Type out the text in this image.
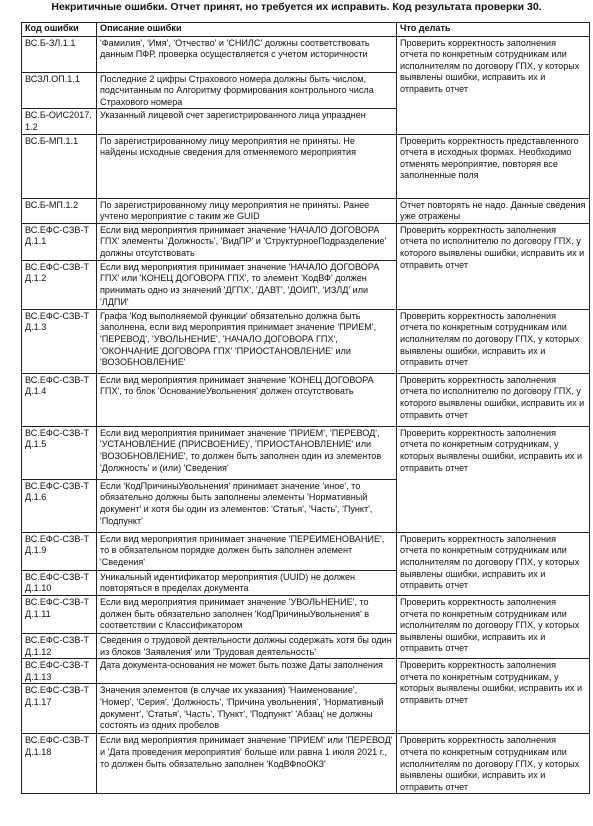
Некритичные ошибки. Отчет принят, но требуется их исправить. Код результата проверки 30.
Код ошибки	Описание ошибки	Что делать
ВС.Б-ЗЛ.1.1	'Фамилия', 'Имя', 'Отчество' и 'СНИЛС' должны соответствовать данным ПФР, проверка осуществляется с учетом историчности	Проверить корректность заполнения отчета по конкретным сотрудникам или исполнителям по договору ГПХ, у которых выявлены ошибки, исправить их и отправить отчет
ВСЗЛ.ОП.1.1	Последние 2 цифры Страхового номера должны быть числом, подсчитанным по Алгоритму формирования контрольного числа Страхового номера	
ВС.Б-ОИС2017.1.2	Указанный лицевой счет зарегистрированного лица упразднен	
ВС.Б-МП.1.1	По зарегистрированному лицу мероприятия не приняты. Не найдены исходные сведения для отменяемого мероприятия	Проверить корректность представленного отчета в исходных формах. Необходимо отменять мероприятие, повторяя все заполненные поля
ВС.Б-МП.1.2	По зарегистрированному лицу мероприятия не приняты. Ранее учтено мероприятие с таким же GUID	Отчет повторять не надо. Данные сведения уже отражены
ВС.ЕФС-СЗВ-ТД.1.1	Если вид мероприятия принимает значение 'НАЧАЛО ДОГОВОРА ГПХ' элементы 'Должность', 'ВидПР' и 'СтруктурноеПодразделение' должны отсутствовать	Проверить корректность заполнения отчета по исполнителю по договору ГПХ, у которого выявлены ошибки, исправить их и отправить отчет
ВС.ЕФС-СЗВ-ТД.1.2	Если вид мероприятия принимает значение 'НАЧАЛО ДОГОВОРА ГПХ' или 'КОНЕЦ ДОГОВОРА ГПХ', то элемент 'КодВФ' должен принимать одно из значений 'ДГПХ', 'ДАВТ', 'ДОИП', 'ИЗЛД' или 'ЛДПИ'	
ВС.ЕФС-СЗВ-ТД.1.3	Графа 'Код выполняемой функции' обязательно должна быть заполнена, если вид мероприятия принимает значение 'ПРИЕМ', 'ПЕРЕВОД', 'УВОЛЬНЕНИЕ', 'НАЧАЛО ДОГОВОРА ГПХ', 'ОКОНЧАНИЕ ДОГОВОРА ГПХ' 'ПРИОСТАНОВЛЕНИЕ' или 'ВОЗОБНОВЛЕНИЕ'	Проверить корректность заполнения отчета по конкретным сотрудникам или исполнителям по договору ГПХ, у которых выявлены ошибки, исправить их и отправить отчет
ВС.ЕФС-СЗВ-ТД.1.4	Если вид мероприятия принимает значение 'КОНЕЦ ДОГОВОРА ГПХ', то блок 'ОснованиеУвольнения' должен отсутствовать	Проверить корректность заполнения отчета по исполнителю по договору ГПХ, у которого выявлены ошибки, исправить их и отправить отчет
ВС.ЕФС-СЗВ-ТД.1.5	Если вид мероприятия принимает значение 'ПРИЕМ', 'ПЕРЕВОД', 'УСТАНОВЛЕНИЕ (ПРИСВОЕНИЕ)', 'ПРИОСТАНОВЛЕНИЕ' или 'ВОЗОБНОВЛЕНИЕ', то должен быть заполнен один из элементов 'Должность' и (или) 'Сведения'	Проверить корректность заполнения отчета по конкретным сотрудникам, у которых выявлены ошибки, исправить их и отправить отчет
ВС.ЕФС-СЗВ-ТД.1.6	Если 'КодПричиныУвольнения' принимает значение 'иное', то обязательно должны быть заполнены элементы 'Нормативный документ' и хотя бы один из элементов: 'Статья', 'Часть', 'Пункт', 'Подпункт'	
ВС.ЕФС-СЗВ-ТД.1.9	Если вид мероприятия принимает значение 'ПЕРЕИМЕНОВАНИЕ', то в обязательном порядке должен быть заполнен элемент 'Сведения'	Проверить корректность заполнения отчета по конкретным сотрудникам или исполнителям по договору ГПХ, у которых выявлены ошибки, исправить их и отправить отчет
ВС.ЕФС-СЗВ-ТД.1.10	Уникальный идентификатор мероприятия (UUID) не должен повторяться в пределах документа	
ВС.ЕФС-СЗВ-ТД.1.11	Если вид мероприятия принимает значение 'УВОЛЬНЕНИЕ', то должен быть обязательно заполнен 'КодПричиныУвольнения' в соответствии с Классификатором	Проверить корректность заполнения отчета по конкретным сотрудникам или исполнителям по договору ГПХ, у которых выявлены ошибки, исправить их и отправить отчет
ВС.ЕФС-СЗВ-ТД.1.12	Сведения о трудовой деятельности должны содержать хотя бы один из блоков 'Заявления' или 'Трудовая деятельность'	
ВС.ЕФС-СЗВ-ТД.1.13	Дата документа-основания не может быть позже Даты заполнения	Проверить корректность заполнения отчета по конкретным сотрудникам, у которых выявлены ошибки, исправить их и отправить отчет
ВС.ЕФС-СЗВ-ТД.1.17	Значения элементов (в случае их указания) 'Наименование', 'Номер', 'Серия', 'Должность', 'Причина увольнения', 'Нормативный документ', 'Статья', 'Часть', 'Пункт', 'Подпункт' 'Абзац' не должны состоять из одних пробелов	
ВС.ЕФС-СЗВ-ТД.1.18	Если вид мероприятия принимает значение 'ПРИЕМ' или 'ПЕРЕВОД' и 'Дата проведения мероприятия' больше или равна 1 июля 2021 г., то должен быть обязательно заполнен 'КодВФпоОКЗ'	Проверить корректность заполнения отчета по конкретным сотрудникам или исполнителям по договору ГПХ, у которых выявлены ошибки, исправить их и отправить отчет
